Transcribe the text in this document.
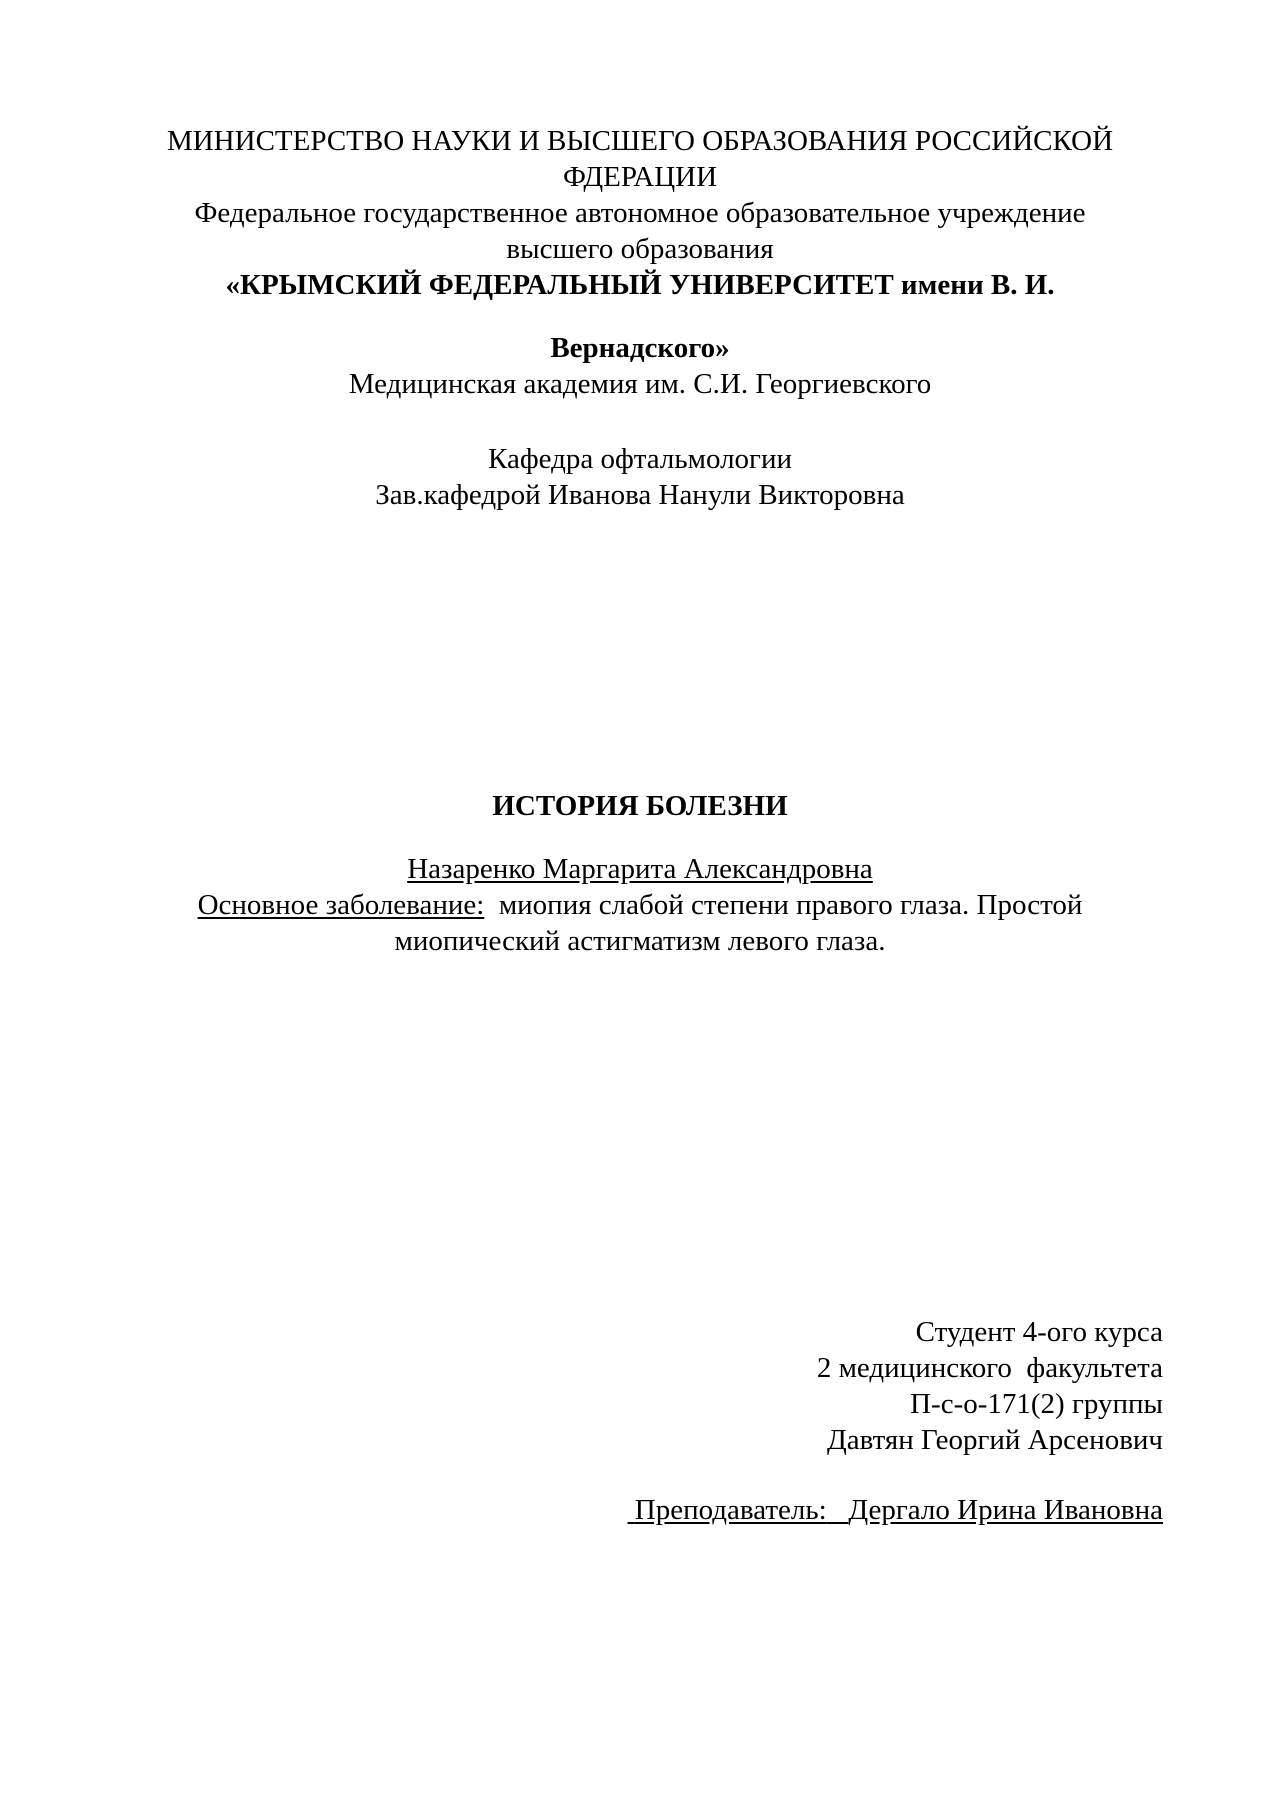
МИНИСТЕРСТВО НАУКИ И ВЫСШЕГО ОБРАЗОВАНИЯ РОССИЙСКОЙ
ФДЕРАЦИИ
Федеральное государственное автономное образовательное учреждение
высшего образования
«КРЫМСКИЙ ФЕДЕРАЛЬНЫЙ УНИВЕРСИТЕТ имени В. И.
Вернадского»
Медицинская академия им. С.И. Георгиевского
Кафедра офтальмологии
Зав.кафедрой Иванова Нанули Викторовна
ИСТОРИЯ БОЛЕЗНИ
Назаренко Маргарита Александровна
Основное заболевание: миопия слабой степени правого глаза. Простой
миопический астигматизм левого глаза.
Студент 4-ого курса
2 медицинского  факультета
П-с-о-171(2) группы
Давтян Георгий Арсенович
Преподаватель: Дергало Ирина Ивановна
